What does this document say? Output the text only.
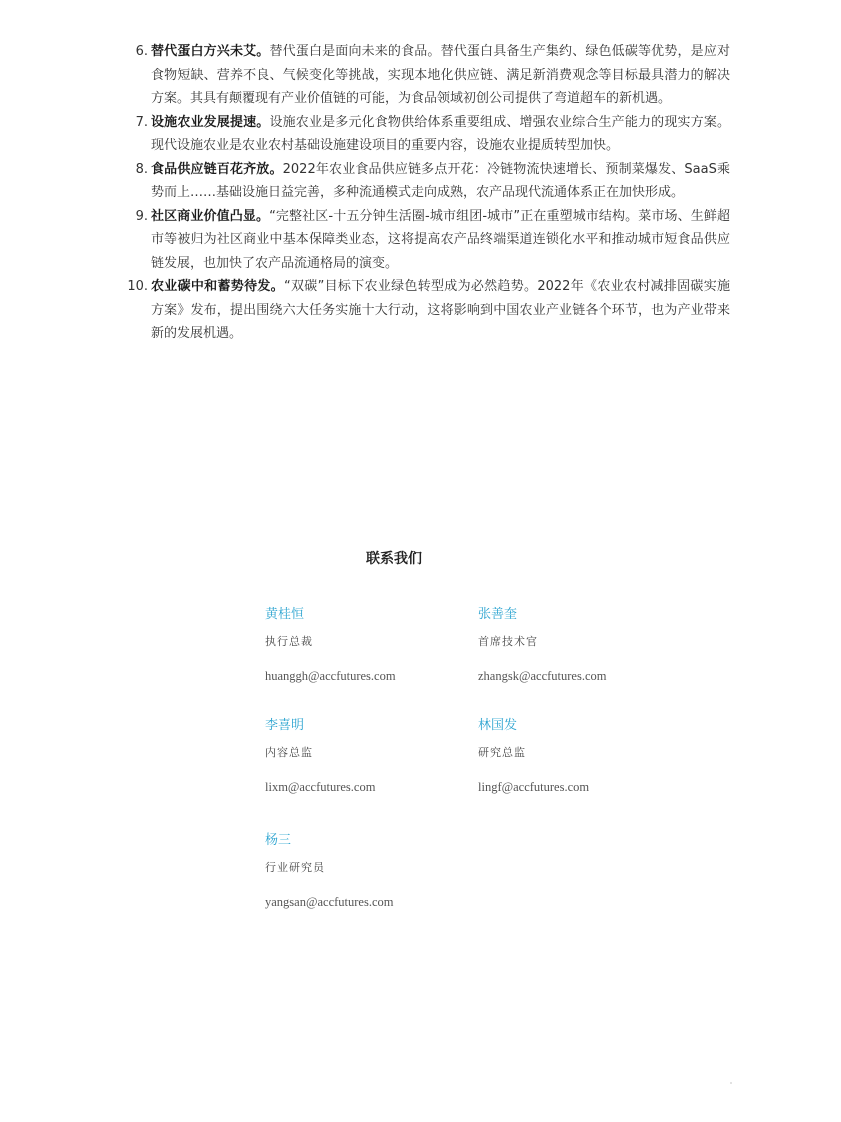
6. 替代蛋白方兴未艾。替代蛋白是面向未来的食品。替代蛋白具备生产集约、绿色低碳等优势，是应对食物短缺、营养不良、气候变化等挑战，实现本地化供应链、满足新消费观念等目标最具潜力的解决方案。其具有颠覆现有产业价值链的可能，为食品领域初创公司提供了弯道超车的新机遇。
7. 设施农业发展提速。设施农业是多元化食物供给体系重要组成、增强农业综合生产能力的现实方案。现代设施农业是农业农村基础设施建设项目的重要内容，设施农业提质转型加快。
8. 食品供应链百花齐放。2022年农业食品供应链多点开花：冷链物流快速增长、预制菜爆发、SaaS乘势而上……基础设施日益完善，多种流通模式走向成熟，农产品现代流通体系正在加快形成。
9. 社区商业价值凸显。“完整社区-十五分钟生活圈-城市组团-城市”正在重塑城市结构。菜市场、生鲜超市等被归为社区商业中基本保障类业态，这将提高农产品终端渠道连锁化水平和推动城市短食品供应链发展，也加快了农产品流通格局的演变。
10. 农业碳中和蓄势待发。“双碳”目标下农业绿色转型成为必然趋势。2022年《农业农村减排固碳实施方案》发布，提出围绕六大任务实施十大行动，这将影响到中国农业产业链各个环节，也为产业带来新的发展机遇。
联系我们
黄桂恒
执行总裁
huanggh@accfutures.com
张善奎
首席技术官
zhangsk@accfutures.com
李喜明
内容总监
lixm@accfutures.com
林国发
研究总监
lingf@accfutures.com
杨三
行业研究员
yangsan@accfutures.com
